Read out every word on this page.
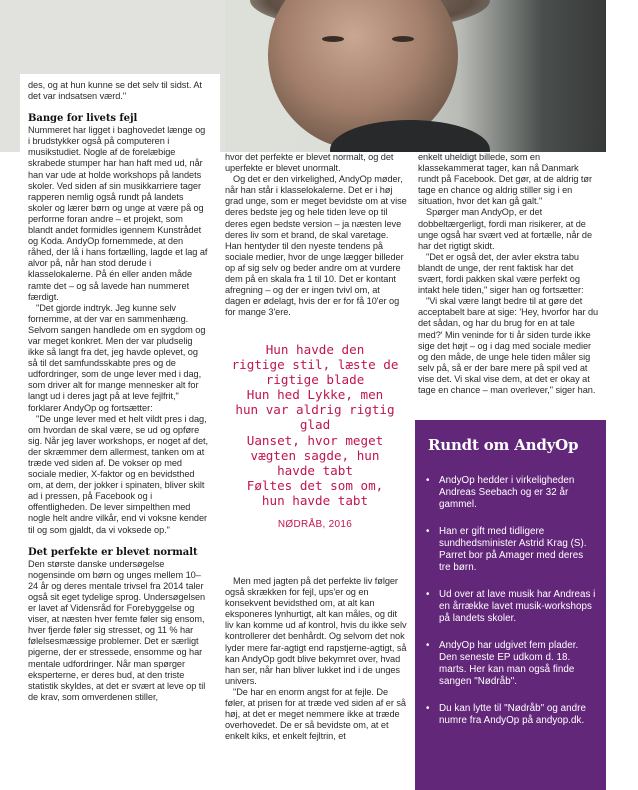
des, og at hun kunne se det selv til sidst. At det var indsatsen værd."

Bange for livets fejl

Nummeret har ligget i baghovedet længe og i brudstykker også på computeren i musikstudiet. Nogle af de forelæbige skrabede stumper har han haft med ud, når han var ude at holde workshops på landets skoler. Ved siden af sin musikkarriere tager rapperen nemlig også rundt på landets skoler og lærer børn og unge at være på og performe foran andre – et projekt, som blandt andet formidles igennem Kunstrådet og Koda. AndyOp fornemmede, at den råhed, der lå i hans fortælling, lagde et lag af alvor på, når han stod derude i klasselokalerne. På én eller anden måde ramte det – og så lavede han nummeret færdigt.

"Det gjorde indtryk. Jeg kunne selv fornemme, at der var en sammenhæng. Selvom sangen handlede om en sygdom og var meget konkret. Men der var pludselig ikke så langt fra det, jeg havde oplevet, og så til det samfundsskabte pres og de udfordringer, som de unge lever med i dag, som driver alt for mange mennesker alt for langt ud i deres jagt på at leve fejlfrit," forklarer AndyOp og fortsætter:

"De unge lever med et helt vildt pres i dag, om hvordan de skal være, se ud og opføre sig. Når jeg laver workshops, er noget af det, der skræmmer dem allermest, tanken om at træde ved siden af. De vokser op med sociale medier, X-faktor og en bevidsthed om, at dem, der jokker i spinaten, bliver skilt ad i pressen, på Facebook og i offentligheden. De lever simpelthen med nogle helt andre vilkår, end vi voksne kender til og som gjaldt, da vi voksede op."

Det perfekte er blevet normalt

Den største danske undersøgelse nogensinde om børn og unges mellem 10–24 år og deres mentale trivsel fra 2014 taler også sit eget tydelige sprog. Undersøgelsen er lavet af Vidensråd for Forebyggelse og viser, at næsten hver femte føler sig ensom, hver fjerde føler sig stresset, og 11 % har følelsesmæssige problemer. Det er særligt pigerne, der er stressede, ensomme og har mentale udfordringer. Når man spørger eksperterne, er deres bud, at den triste statistik skyldes, at det er svært at leve op til de krav, som omverdenen stiller,

hvor det perfekte er blevet normalt, og det uperfekte er blevet unormalt.

Og det er den virkelighed, AndyOp møder, når han står i klasselokalerne. Det er i høj grad unge, som er meget bevidste om at vise deres bedste jeg og hele tiden leve op til deres egen bedste version – ja næsten leve deres liv som et brand, de skal varetage. Han hentyder til den nyeste tendens på sociale medier, hvor de unge lægger billeder op af sig selv og beder andre om at vurdere dem på en skala fra 1 til 10. Det er kontant afregning – og der er ingen tvivl om, at dagen er ødelagt, hvis der er for få 10'er og for mange 3'ere.

Hun havde den
rigtige stil, læste de
rigtige blade
Hun hed Lykke, men
hun var aldrig rigtig
glad
Uanset, hvor meget
vægten sagde, hun
havde tabt
Føltes det som om,
hun havde tabt
NØDRÅB, 2016

Men med jagten på det perfekte liv følger også skrækken for fejl, ups'er og en konsekvent bevidsthed om, at alt kan eksponeres lynhurtigt, alt kan måles, og dit liv kan komme ud af kontrol, hvis du ikke selv kontrollerer det benhårdt. Og selvom det nok lyder mere far-agtigt end rapstjerne-agtigt, så kan AndyOp godt blive bekymret over, hvad han ser, når han bliver lukket ind i de unges univers.

"De har en enorm angst for at fejle. De føler, at prisen for at træde ved siden af er så høj, at det er meget nemmere ikke at træde overhovedet. De er så bevidste om, at et enkelt kiks, et enkelt fejltrin, et

enkelt uheldigt billede, som en klassekammerat tager, kan nå Danmark rundt på Facebook. Det gør, at de aldrig tør tage en chance og aldrig stiller sig i en situation, hvor det kan gå galt."

Spørger man AndyOp, er det dobbeltærgerligt, fordi man risikerer, at de unge også har svært ved at fortælle, når de har det rigtigt skidt.

"Det er også det, der avler ekstra tabu blandt de unge, der rent faktisk har det svært, fordi pakken skal være perfekt og intakt hele tiden," siger han og fortsætter:

"Vi skal være langt bedre til at gøre det acceptabelt bare at sige: 'Hey, hvorfor har du det sådan, og har du brug for en at tale med?' Min veninde for ti år siden turde ikke sige det højt – og i dag med sociale medier og den måde, de unge hele tiden måler sig selv på, så er der bare mere på spil ved at vise det. Vi skal vise dem, at det er okay at tage en chance – man overlever," siger han.

Rundt om AndyOp
• AndyOp hedder i virkeligheden Andreas Seebach og er 32 år gammel.
• Han er gift med tidligere sundhedsminister Astrid Krag (S). Parret bor på Amager med deres tre børn.
• Ud over at lave musik har Andreas i en årrække lavet musik-workshops på landets skoler.
• AndyOp har udgivet fem plader. Den seneste EP udkom d. 18. marts. Her kan man også finde sangen "Nødråb".
• Du kan lytte til "Nødråb" og andre numre fra AndyOp på andyop.dk.
